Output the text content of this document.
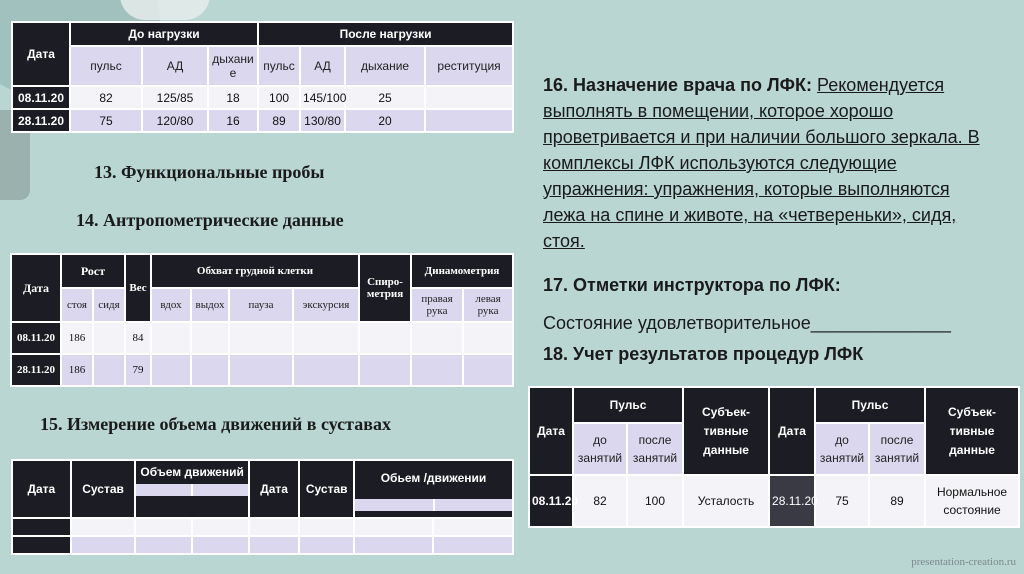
Дата	До нагрузки			После нагрузки			
	пульс	АД	дыхание	пульс	АД	дыхание	реституция
08.11.20	82	125/85	18	100	145/100	25	
28.11.20	75	120/80	16	89	130/80	20	
13. Функциональные пробы
14. Антропометрические данные
Дата	Рост		Вес	Обхват грудной клетки				Спиро-метрия	Динамометрия	
	стоя	сидя		вдох	выдох	пауза	экскурсия		правая рука	левая рука
08.11.20	186		84							
28.11.20	186		79							
15. Измерение объема движений в суставах
Дата	Сустав	Объем движений		Дата	Сустав	Обьем /движении	

16. Назначение врача по ЛФК: Рекомендуется выполнять в помещении, которое хорошо проветривается и при наличии большого зеркала. В комплексы ЛФК используются следующие упражнения: упражнения, которые выполняются лежа на спине и животе, на «четвереньки», сидя, стоя.
17. Отметки инструктора по ЛФК:
Состояние удовлетворительное______________
18. Учет результатов процедур ЛФК
Дата	Пульс		Субъек-тивные данные	Дата	Пульс		Субъек-тивные данные
	до занятий	после занятий			до занятий	после занятий	
08.11.20	82	100	Усталость	28.11.20	75	89	Нормальное состояние
presentation-creation.ru
